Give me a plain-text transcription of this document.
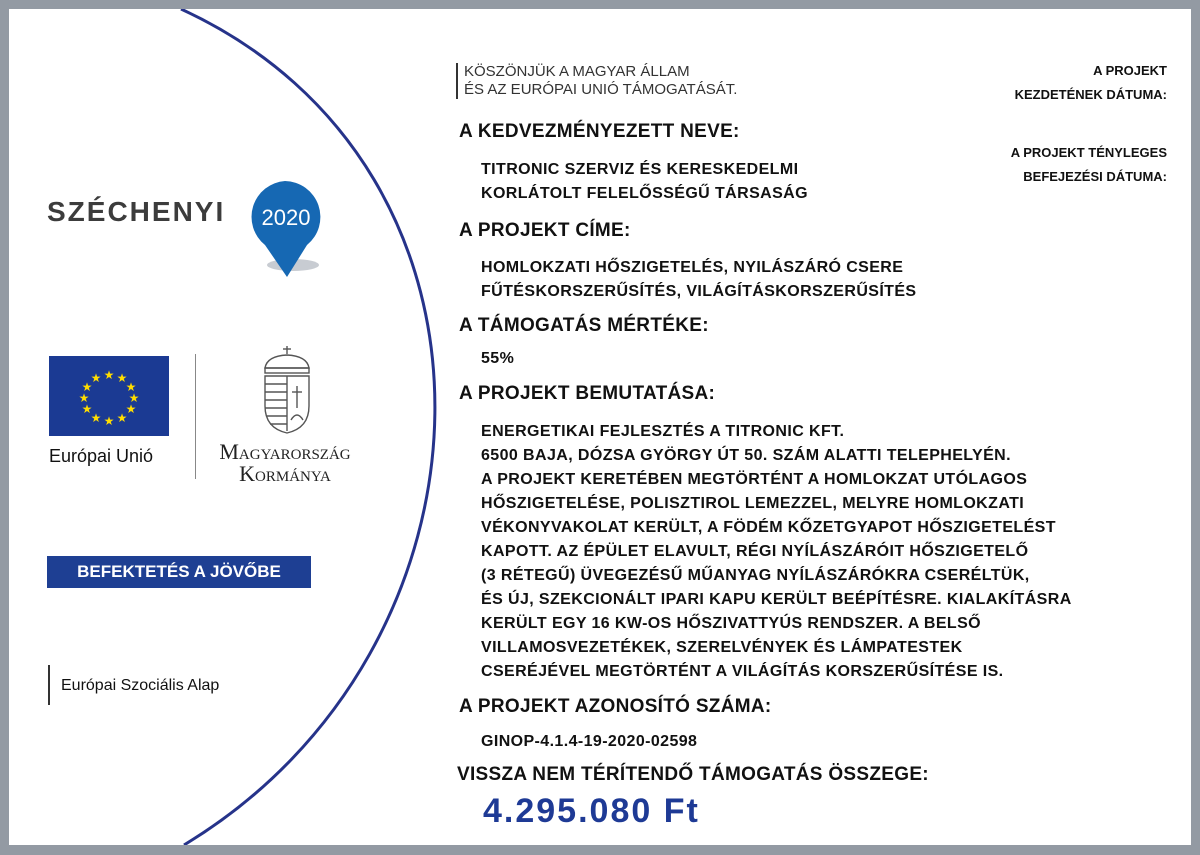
SZÉCHENYI 2020
★ ★
★
★
★
★
★
★
★
★
★
★
Európai Unió	Magyarország
Kormánya
BEFEKTETÉS A JÖVŐBE
Európai Szociális Alap
KÖSZÖNJÜK A MAGYAR ÁLLAM
ÉS AZ EURÓPAI UNIÓ TÁMOGATÁSÁT.
A PROJEKT
KEZDETÉNEK DÁTUMA:
A PROJEKT TÉNYLEGES
BEFEJEZÉSI DÁTUMA:
A KEDVEZMÉNYEZETT NEVE:
TITRONIC SZERVIZ ÉS KERESKEDELMI
KORLÁTOLT FELELŐSSÉGŰ TÁRSASÁG
A PROJEKT CÍME:
HOMLOKZATI HŐSZIGETELÉS, NYILÁSZÁRÓ CSERE
FŰTÉSKORSZERŰSÍTÉS, VILÁGÍTÁSKORSZERŰSÍTÉS
A TÁMOGATÁS MÉRTÉKE:
55%
A PROJEKT BEMUTATÁSA:
ENERGETIKAI FEJLESZTÉS A TITRONIC KFT.
6500 BAJA, DÓZSA GYÖRGY ÚT 50. SZÁM ALATTI TELEPHELYÉN.
A PROJEKT KERETÉBEN MEGTÖRTÉNT A HOMLOKZAT UTÓLAGOS
HŐSZIGETELÉSE, POLISZTIROL LEMEZZEL, MELYRE HOMLOKZATI
VÉKONYVAKOLAT KERÜLT, A FÖDÉM KŐZETGYAPOT HŐSZIGETELÉST
KAPOTT. AZ ÉPÜLET ELAVULT, RÉGI NYÍLÁSZÁRÓIT HŐSZIGETELŐ
(3 RÉTEGŰ) ÜVEGEZÉSŰ MŰANYAG NYÍLÁSZÁRÓKRA CSERÉLTÜK,
ÉS ÚJ, SZEKCIONÁLT IPARI KAPU KERÜLT BEÉPÍTÉSRE. KIALAKÍTÁSRA
KERÜLT EGY 16 KW-OS HŐSZIVATTYÚS RENDSZER. A BELSŐ
VILLAMOSVEZETÉKEK, SZERELVÉNYEK ÉS LÁMPATESTEK
CSERÉJÉVEL MEGTÖRTÉNT A VILÁGÍTÁS KORSZERŰSÍTÉSE IS.
A PROJEKT AZONOSÍTÓ SZÁMA:
GINOP-4.1.4-19-2020-02598
VISSZA NEM TÉRÍTENDŐ TÁMOGATÁS ÖSSZEGE:
4.295.080 Ft
